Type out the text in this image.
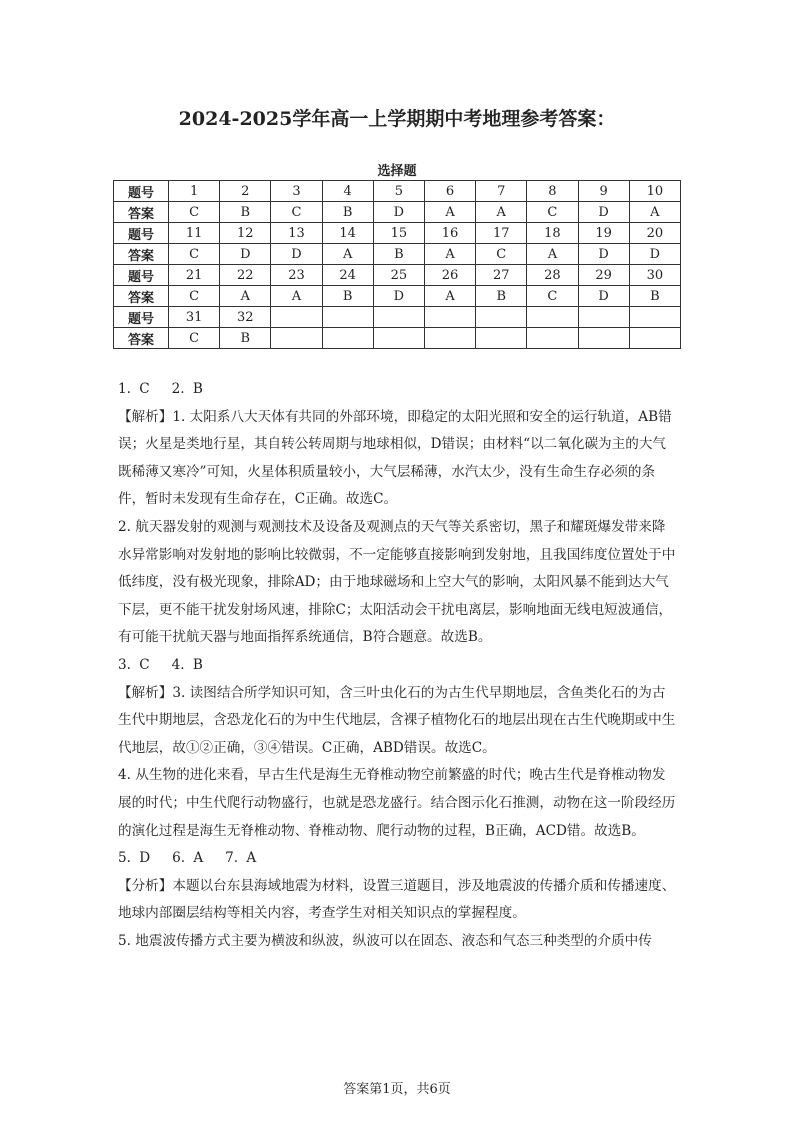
2024-2025学年高一上学期期中考地理参考答案：
选择题
题号	1	2	3	4	5	6	7	8	9	10
答案	C	B	C	B	D	A	A	C	D	A
题号	11	12	13	14	15	16	17	18	19	20
答案	C	D	D	A	B	A	C	A	D	D
题号	21	22	23	24	25	26	27	28	29	30
答案	C	A	A	B	D	A	B	C	D	B
题号	31	32								
答案	C	B								

1. C　 2. B

【解析】1. 太阳系八大天体有共同的外部环境，即稳定的太阳光照和安全的运行轨道，AB错误；火星是类地行星，其自转公转周期与地球相似，D错误；由材料“以二氧化碳为主的大气既稀薄又寒冷”可知，火星体积质量较小，大气层稀薄，水汽太少，没有生命生存必须的条件，暂时未发现有生命存在，C正确。故选C。

2. 航天器发射的观测与观测技术及设备及观测点的天气等关系密切，黑子和耀斑爆发带来降水异常影响对发射地的影响比较微弱，不一定能够直接影响到发射地，且我国纬度位置处于中低纬度，没有极光现象，排除AD；由于地球磁场和上空大气的影响，太阳风暴不能到达大气下层，更不能干扰发射场风速，排除C；太阳活动会干扰电离层，影响地面无线电短波通信，有可能干扰航天器与地面指挥系统通信，B符合题意。故选B。

3. C　 4. B

【解析】3. 读图结合所学知识可知，含三叶虫化石的为古生代早期地层，含鱼类化石的为古生代中期地层，含恐龙化石的为中生代地层，含裸子植物化石的地层出现在古生代晚期或中生代地层，故①②正确，③④错误。C正确，ABD错误。故选C。

4. 从生物的进化来看，早古生代是海生无脊椎动物空前繁盛的时代；晚古生代是脊椎动物发展的时代；中生代爬行动物盛行，也就是恐龙盛行。结合图示化石推测，动物在这一阶段经历的演化过程是海生无脊椎动物、脊椎动物、爬行动物的过程，B正确，ACD错。故选B。

5. D　 6. A　 7. A

【分析】本题以台东县海域地震为材料，设置三道题目，涉及地震波的传播介质和传播速度、地球内部圈层结构等相关内容，考查学生对相关知识点的掌握程度。

5. 地震波传播方式主要为横波和纵波，纵波可以在固态、液态和气态三种类型的介质中传

答案第1页，共6页
